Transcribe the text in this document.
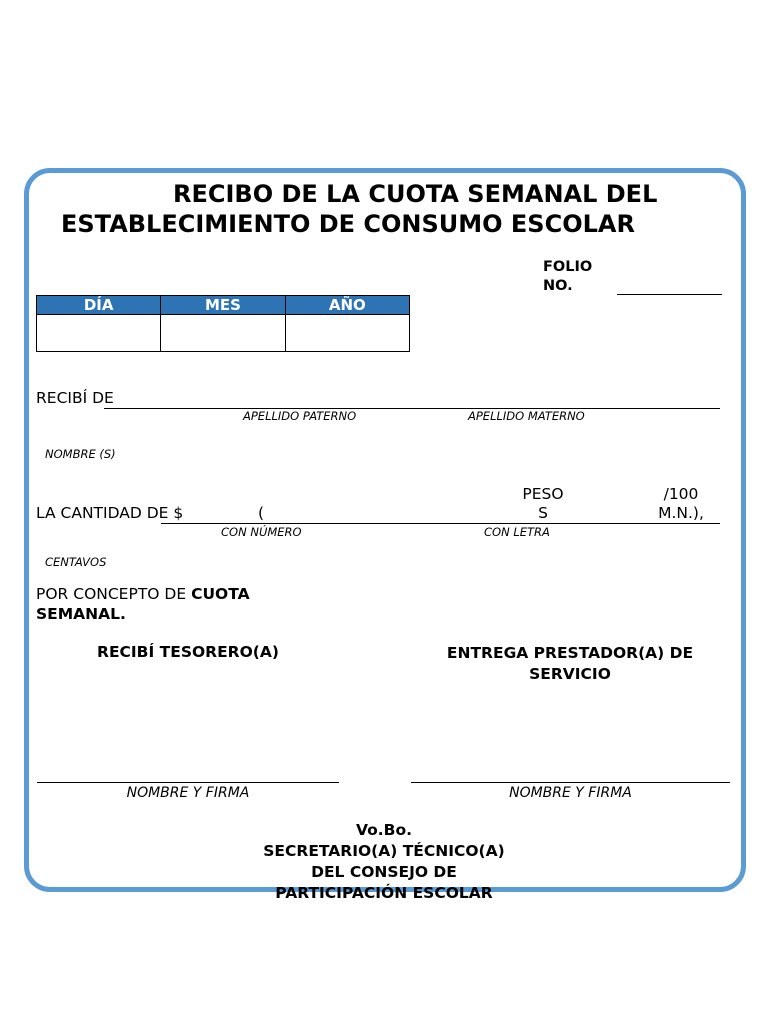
RECIBO DE LA CUOTA SEMANAL DEL
ESTABLECIMIENTO DE CONSUMO ESCOLAR
FOLIO
NO.
DÍA	MES	AÑO

RECIBÍ DE
APELLIDO PATERNO	APELLIDO MATERNO
NOMBRE (S)
LA CANTIDAD DE $	(
PESO
S
/100
M.N.),
CON NÚMERO	CON LETRA
CENTAVOS
POR CONCEPTO DE CUOTA
SEMANAL.
RECIBÍ TESORERO(A)	ENTREGA PRESTADOR(A) DE
SERVICIO
NOMBRE Y FIRMA	NOMBRE Y FIRMA
Vo.Bo.
SECRETARIO(A) TÉCNICO(A)
DEL CONSEJO DE
PARTICIPACIÓN ESCOLAR
